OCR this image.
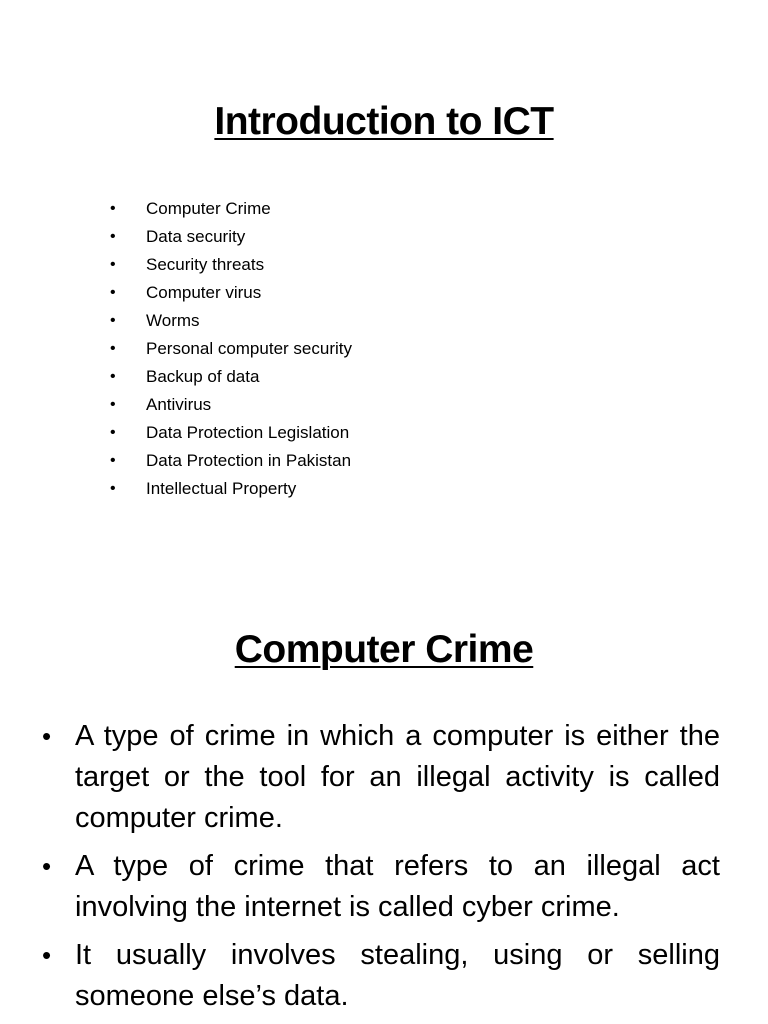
Introduction to ICT
• Computer Crime
• Data security
• Security threats
• Computer virus
• Worms
• Personal computer security
• Backup of data
• Antivirus
• Data Protection Legislation
• Data Protection in Pakistan
• Intellectual Property
Computer Crime
• A type of crime in which a computer is either the target or the tool for an illegal activity is called computer crime.
• A type of crime that refers to an illegal act involving the internet is called cyber crime.
• It usually involves stealing, using or selling someone else’s data.
